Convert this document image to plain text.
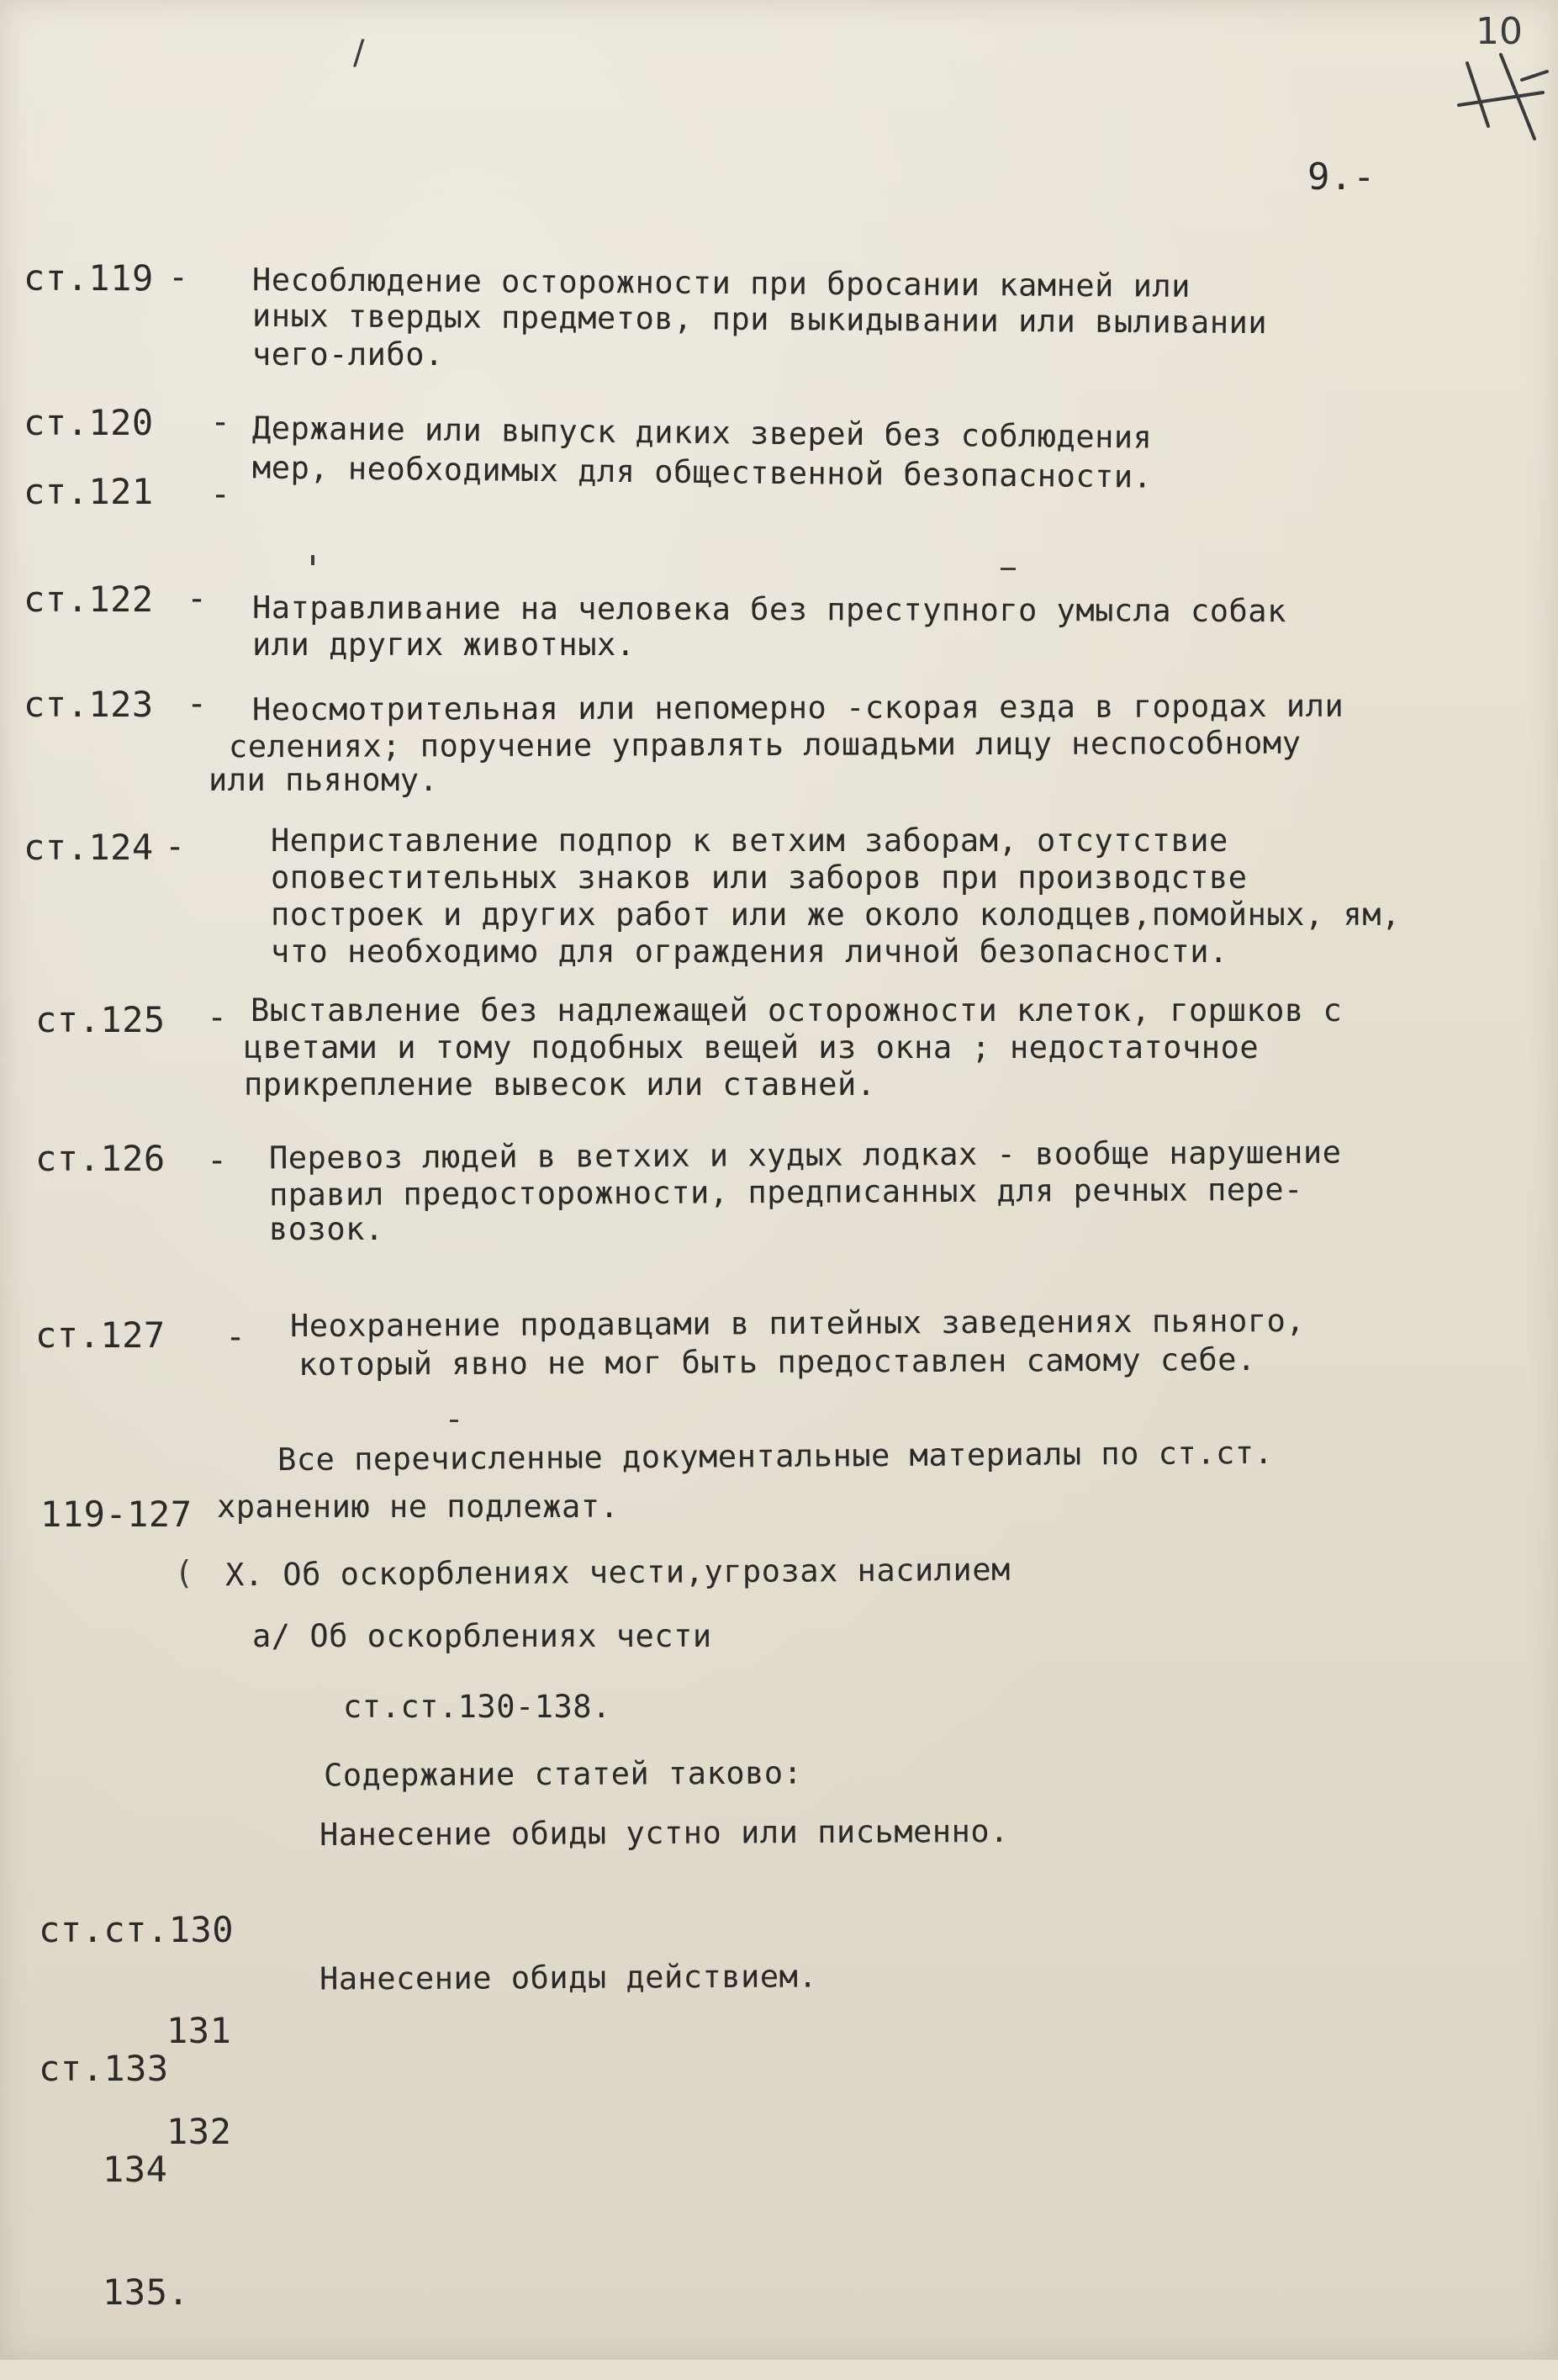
/	10
9.-
ст.119 - Несоблюдение осторожности при бросании камней или
иных твердых предметов, при выкидывании или выливании
чего-либо.
ст.120 - Держание или выпуск диких зверей без соблюдения
мер, необходимых для общественной безопасности.
ст.121 -
ст.122 - Натравливание на человека без преступного умысла собак
или других животных.
ст.123 - Неосмотрительная или непомерно -скорая езда в городах или
селениях; поручение управлять лошадьми лицу неспособному
или пьяному.
ст.124 -	Неприставление подпор к ветхим заборам, отсутствие
оповестительных знаков или заборов при производстве
построек и других работ или же около колодцев,помойных, ям,
что необходимо для ограждения личной безопасности.
ст.125 - Выставление без надлежащей осторожности клеток, горшков с
цветами и тому подобных вещей из окна ; недостаточное
прикрепление вывесок или ставней.
ст.126 - Перевоз людей в ветхих и худых лодках - вообще нарушение
правил предосторожности, предписанных для речных пере-
возок.
ст.127 - Неохранение продавцами в питейных заведениях пьяного,
который явно не мог быть предоставлен самому себе.
Все перечисленные документальные материалы по ст.ст.
119-127 хранению не подлежат.
( Х. Об оскорблениях чести,угрозах насилием
а/ Об оскорблениях чести
ст.ст.130-138.
Содержание статей таково:

ст.ст.130

131

132

Нанесение обиды устно или письменно.

ст.133

134

135.

Нанесение обиды действием.
